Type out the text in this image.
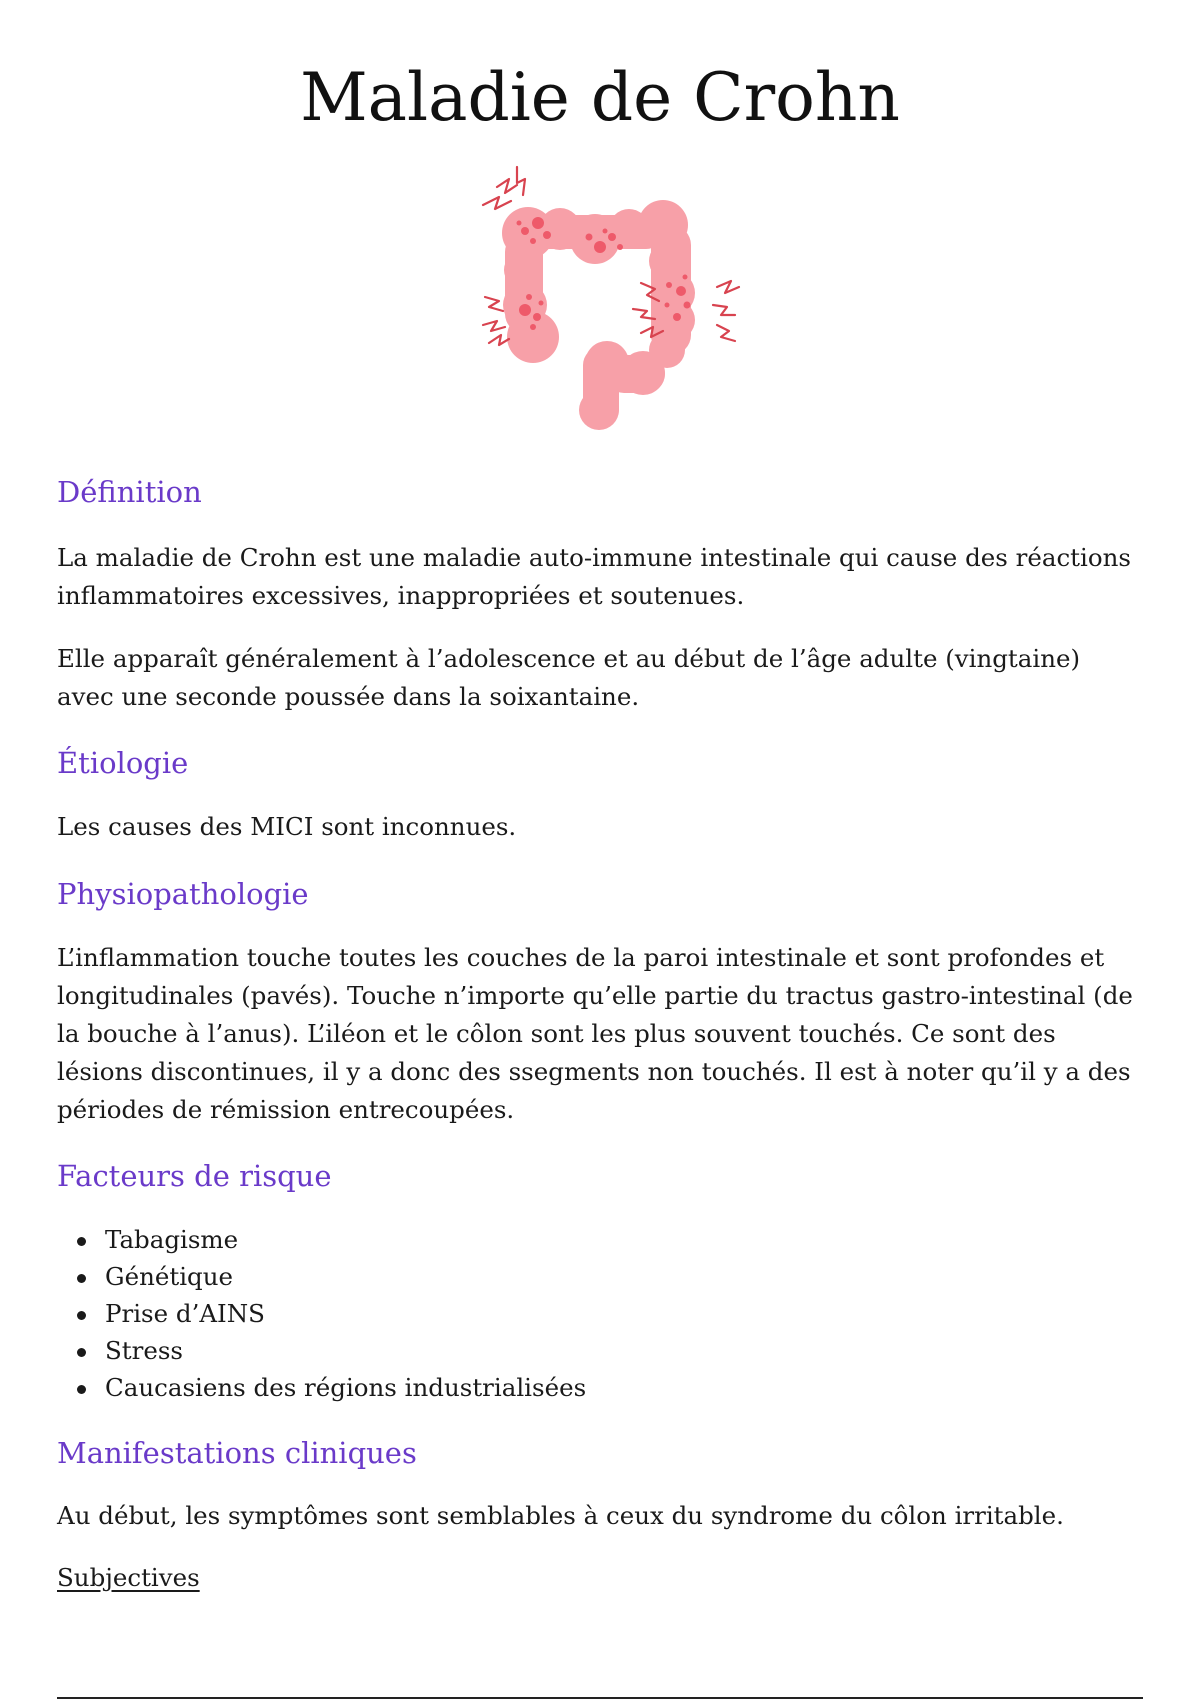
Maladie de Crohn
Définition

La maladie de Crohn est une maladie auto-immune intestinale qui cause des réactions inflammatoires excessives, inappropriées et soutenues.

Elle apparaît généralement à l’adolescence et au début de l’âge adulte (vingtaine) avec une seconde poussée dans la soixantaine.

Étiologie

Les causes des MICI sont inconnues.

Physiopathologie

L’inflammation touche toutes les couches de la paroi intestinale et sont profondes et longitudinales (pavés). Touche n’importe qu’elle partie du tractus gastro-intestinal (de la bouche à l’anus). L’iléon et le côlon sont les plus souvent touchés. Ce sont des lésions discontinues, il y a donc des ssegments non touchés. Il est à noter qu’il y a des périodes de rémission entrecoupées.

Facteurs de risque
Tabagisme
Génétique
Prise d’AINS
Stress
Caucasiens des régions industrialisées
Manifestations cliniques

Au début, les symptômes sont semblables à ceux du syndrome du côlon irritable.

Subjectives
